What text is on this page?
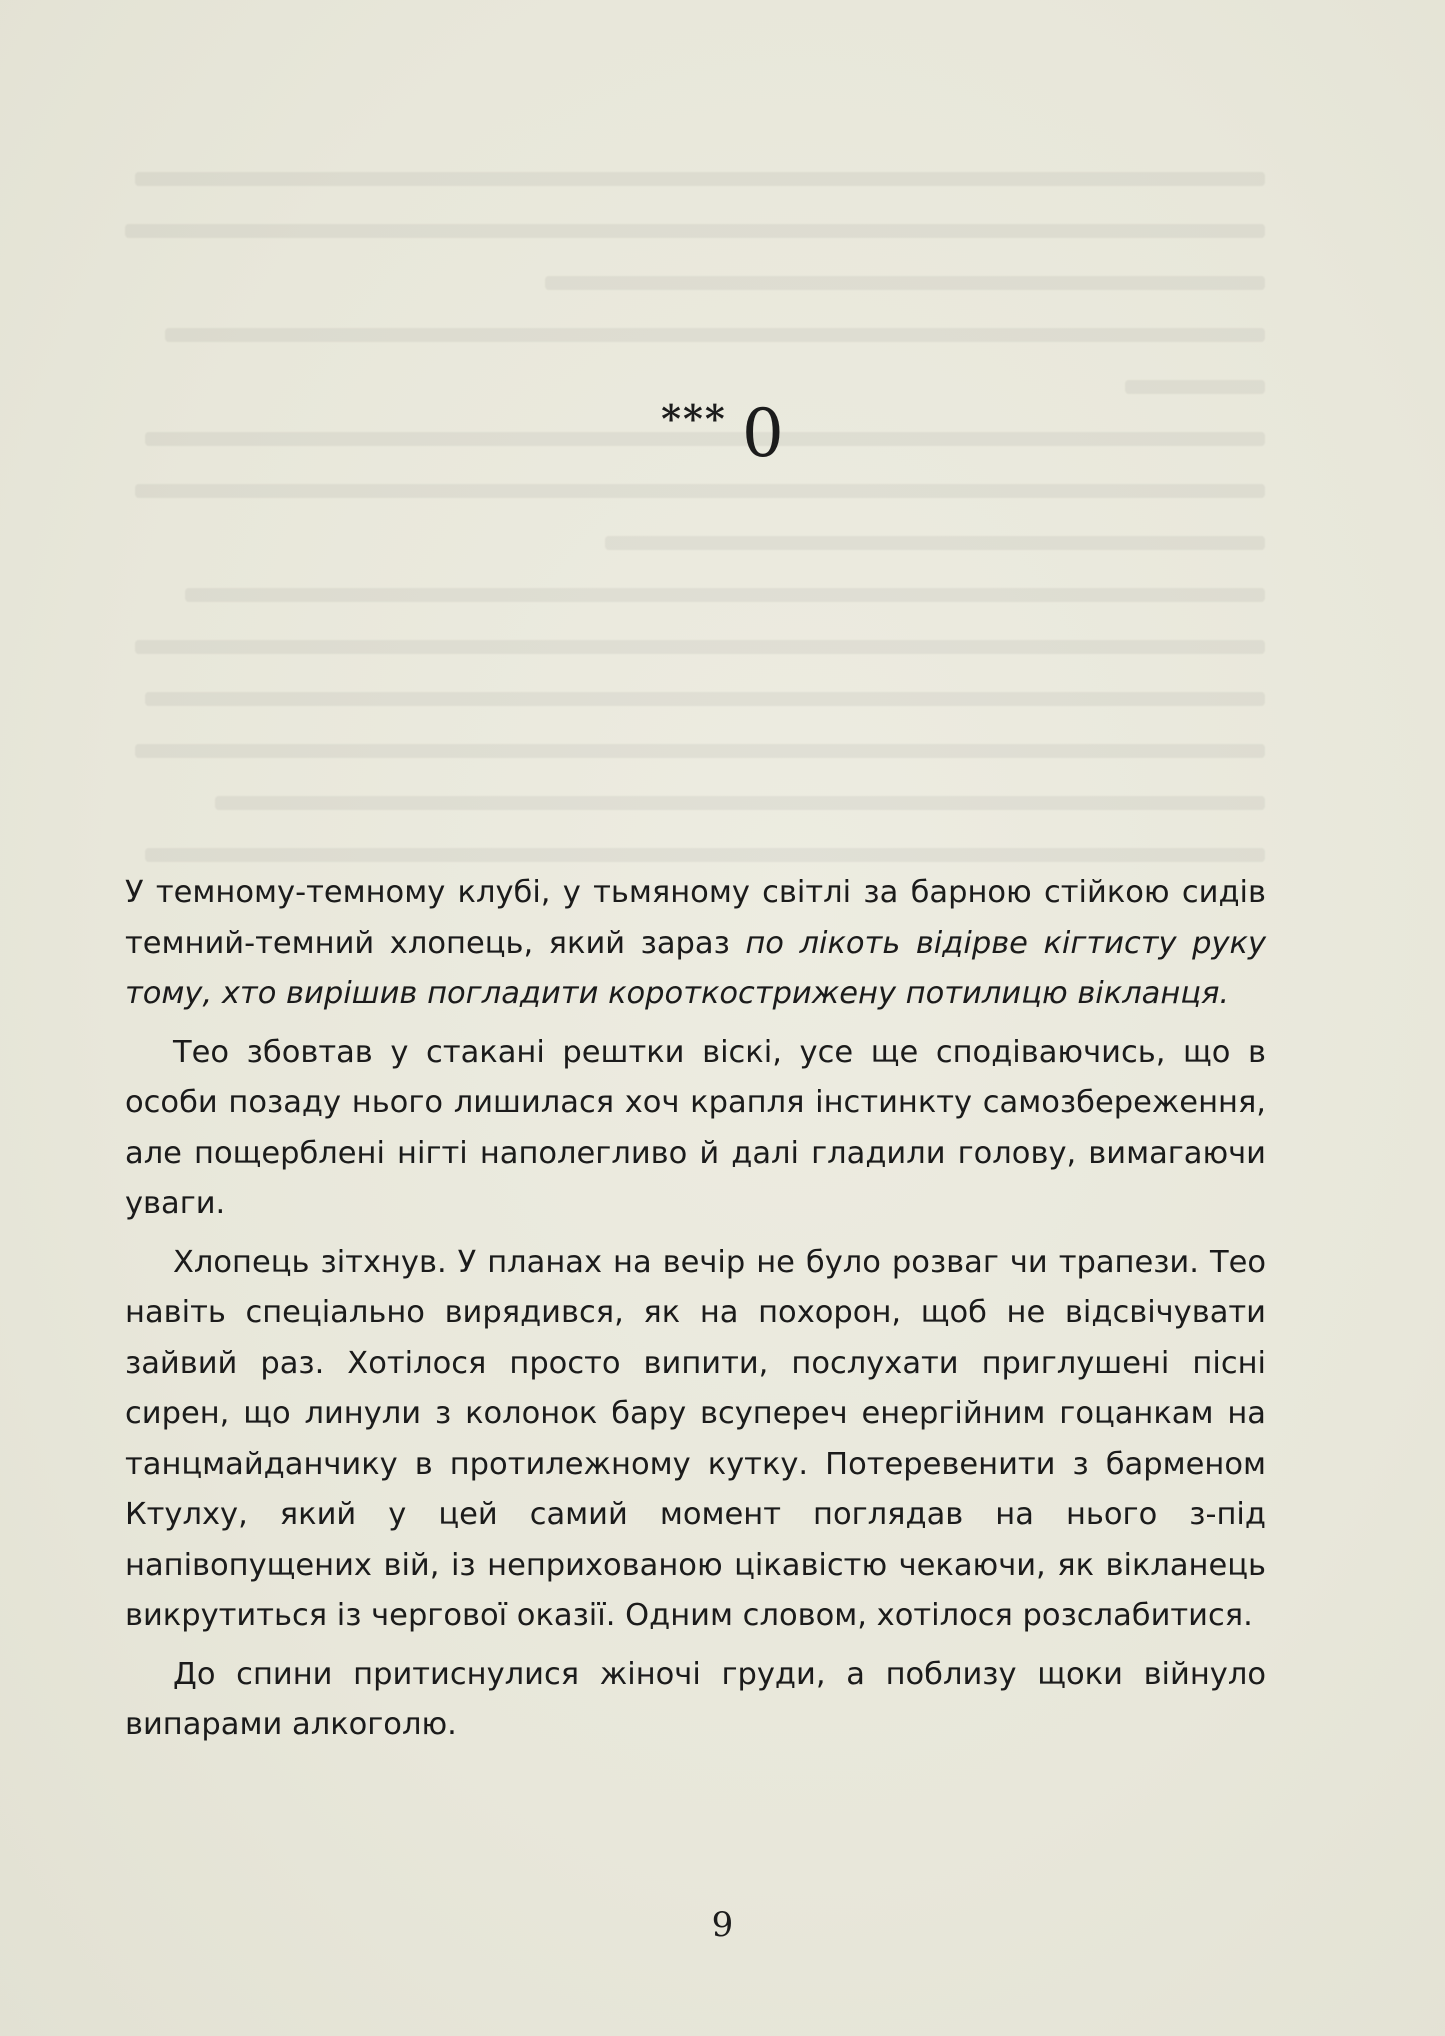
*** 0

У темному-темному клубі, у тьмяному світлі за барною стійкою сидів темний-темний хлопець, який зараз по лікоть відірве кігтисту руку тому, хто вирішив погладити короткострижену потилицю вікланця.

Тео збовтав у стакані рештки віскі, усе ще сподіваючись, що в особи позаду нього лишилася хоч крапля інстинкту самозбереження, але пощерблені нігті наполегливо й далі гладили голову, вимагаючи уваги.

Хлопець зітхнув. У планах на вечір не було розваг чи трапези. Тео навіть спеціально вирядився, як на похорон, щоб не відсвічувати зайвий раз. Хотілося просто випити, послухати приглушені пісні сирен, що линули з колонок бару всупереч енергійним гоцанкам на танцмайданчику в протилежному кутку. Потеревенити з барменом Ктулху, який у цей самий момент поглядав на нього з-під напівопущених вій, із неприхованою цікавістю чекаючи, як вікланець викрутиться із чергової оказії. Одним словом, хотілося розслабитися.

До спини притиснулися жіночі груди, а поблизу щоки війнуло випарами алкоголю.

9
